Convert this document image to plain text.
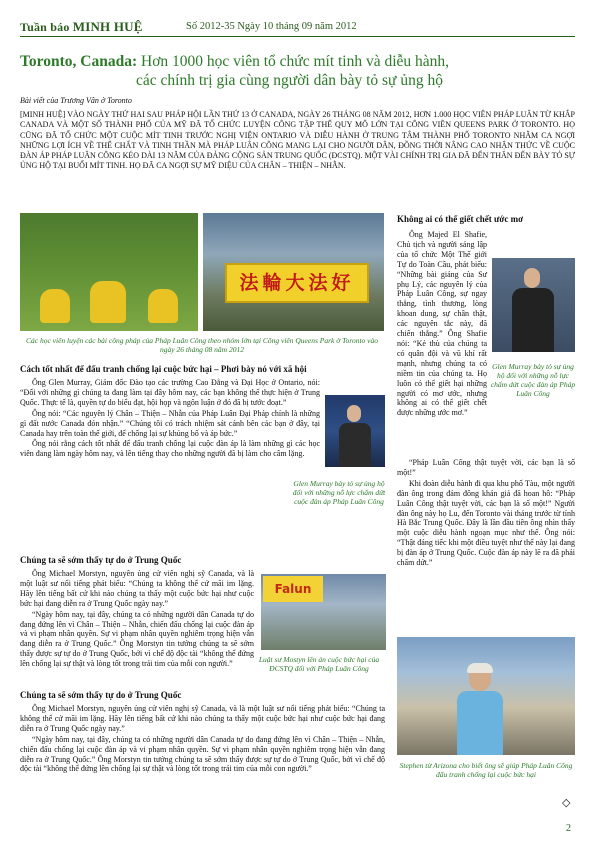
Tuần báo MINH HUỆ	Số 2012-35 Ngày 10 tháng 09 năm 2012
Toronto, Canada: Hơn 1000 học viên tổ chức mít tinh và diễu hành,
các chính trị gia cùng người dân bày tỏ sự ủng hộ
Bài viết của Trương Vân ở Toronto
[MINH HUỆ] VÀO NGÀY THỨ HAI SAU PHÁP HỘI LẦN THỨ 13 Ở CANADA, NGÀY 26 THÁNG 08 NĂM 2012, HƠN 1.000 HỌC VIÊN PHÁP LUÂN TỪ KHẮP CANADA VÀ MỘT SỐ THÀNH PHỐ CỦA MỸ ĐÃ TỔ CHỨC LUYỆN CÔNG TẬP THỂ QUY MÔ LỚN TẠI CÔNG VIÊN QUEENS PARK Ở TORONTO. HỌ CŨNG ĐÃ TỔ CHỨC MỘT CUỘC MÍT TINH TRƯỚC NGHỊ VIỆN ONTARIO VÀ DIỄU HÀNH Ở TRUNG TÂM THÀNH PHỐ TORONTO NHẰM CA NGỢI NHỮNG LỢI ÍCH VỀ THỂ CHẤT VÀ TINH THẦN MÀ PHÁP LUÂN CÔNG MANG LẠI CHO NGƯỜI DÂN, ĐỒNG THỜI NÂNG CAO NHẬN THỨC VỀ CUỘC ĐÀN ÁP PHÁP LUÂN CÔNG KÉO DÀI 13 NĂM CỦA ĐẢNG CỘNG SẢN TRUNG QUỐC (ĐCSTQ). MỘT VÀI CHÍNH TRỊ GIA ĐÃ ĐẾN THĂN ĐẾN BÀY TỎ SỰ ỦNG HỘ TẠI BUỔI MÍT TINH. HỌ ĐÃ CA NGỢI SỰ MỸ DIỆU CỦA CHÂN – THIỆN – NHẪN.
法輪大法好
Các học viên luyện các bài công pháp của Pháp Luân Công theo nhóm lớn tại Công viên Queens Park ở Toronto vào ngày 26 tháng 08 năm 2012
Cách tốt nhất để đấu tranh chống lại cuộc bức hại – Phơi bày nó với xã hội

Ông Glen Murray, Giám đốc Đào tạo các trường Cao Đẳng và Đại Học ở Ontario, nói: “Đối với những gì chúng ta đang làm tại đây hôm nay, các bạn không thể thực hiện ở Trung Quốc. Thực tế là, quyền tự do biểu đạt, hội họp và ngôn luận ở đó đã bị tước đoạt.”

Ông nói: “Các nguyên lý Chân – Thiện – Nhẫn của Pháp Luân Đại Pháp chính là những gì đất nước Canada đón nhận.” “Chúng tôi có trách nhiệm sát cánh bên các bạn ở đây, tại Canada hay trên toàn thế giới, để chống lại sự khủng bố và áp bức.”

Ông nói rằng cách tốt nhất để đấu tranh chống lại cuộc đàn áp là làm những gì các học viên đang làm ngày hôm nay, và lên tiếng thay cho những người đã bị làm cho câm lặng.

Glen Murray bày tỏ sự ủng hộ đối với những nỗ lực chấm dứt cuộc đàn áp Pháp Luân Công
Chúng ta sẽ sớm thấy tự do ở Trung Quốc

Ông Michael Morstyn, nguyên ủng cử viên nghị sỹ Canada, và là một luật sư nổi tiếng phát biểu: “Chúng ta không thể cứ mãi im lặng. Hãy lên tiếng bất cứ khi nào chúng ta thấy một cuộc bức hại như cuộc bức hại đang diễn ra ở Trung Quốc ngày nay.”

“Ngày hôm nay, tại đây, chúng ta có những người dân Canada tự do đang đứng lên vì Chân – Thiện – Nhẫn, chiến đấu chống lại cuộc đàn áp và vi phạm nhân quyền. Sự vi phạm nhân quyền nghiêm trọng hiện vẫn đang diễn ra ở Trung Quốc.” Ông Morstyn tin tưởng chúng ta sẽ sớm thấy được sự tự do ở Trung Quốc, bởi vì chế độ độc tài “không thể đứng lên chống lại sự thật và lòng tốt trong trái tim của mỗi con người.”

Falun
Luật sư Mostyn lên án cuộc bức hại của ĐCSTQ đối với Pháp Luân Công
Chúng ta sẽ sớm thấy tự do ở Trung Quốc

Ông Michael Morstyn, nguyên ủng cử viên nghị sỹ Canada, và là một luật sư nổi tiếng phát biểu: “Chúng ta không thể cứ mãi im lặng. Hãy lên tiếng bất cứ khi nào chúng ta thấy một cuộc bức hại như cuộc bức hại đang diễn ra ở Trung Quốc ngày nay.”

“Ngày hôm nay, tại đây, chúng ta có những người dân Canada tự do đang đứng lên vì Chân – Thiện – Nhẫn, chiến đấu chống lại cuộc đàn áp và vi phạm nhân quyền. Sự vi phạm nhân quyền nghiêm trọng hiện vẫn đang diễn ra ở Trung Quốc.” Ông Morstyn tin tưởng chúng ta sẽ sớm thấy được sự tự do ở Trung Quốc, bởi vì chế độ độc tài “không thể đứng lên chống lại sự thật và lòng tốt trong trái tim của mỗi con người.”

Không ai có thể giết chết ước mơ
Glen Murray bày tỏ sự ủng hộ đối với những nỗ lực chấm dứt cuộc đàn áp Pháp Luân Công

Ông Majed El Shafie, Chủ tịch và người sáng lập của tổ chức Một Thế giới Tự do Toàn Cầu, phát biểu: “Những bài giảng của Sư phụ Lý, các nguyên lý của Pháp Luân Công, sự ngay thẳng, tình thương, lòng khoan dung, sự chân thật, các nguyên tắc này, đã chiến thắng.” Ông Shafie nói: “Kẻ thù của chúng ta có quân đội và vũ khí rất mạnh, nhưng chúng ta có niềm tin của chúng ta. Họ luôn có thể giết hại những người có mơ ước, nhưng không ai có thể giết chết được những ước mơ.”

“Pháp Luân Công thật tuyệt vời, các bạn là số một!”

Khi đoàn diễu hành đi qua khu phố Tàu, một người đàn ông trong đám đông khán giả đã hoan hô: “Pháp Luân Công thật tuyệt vời, các bạn là số một!” Người đàn ông này họ Lu, đến Toronto vài tháng trước từ tỉnh Hà Bắc Trung Quốc. Đây là lần đầu tiên ông nhìn thấy một cuộc diễu hành ngoạn mục như thế. Ông nói: “Thật đáng tiếc khi một điều tuyệt như thế này lại đang bị đàn áp ở Trung Quốc. Cuộc đàn áp này lẽ ra đã phải chấm dứt.”

Stephen từ Arizona cho biết ông sẽ giúp Pháp Luân Công đẩu tranh chống lại cuộc bức hại
◇
2
